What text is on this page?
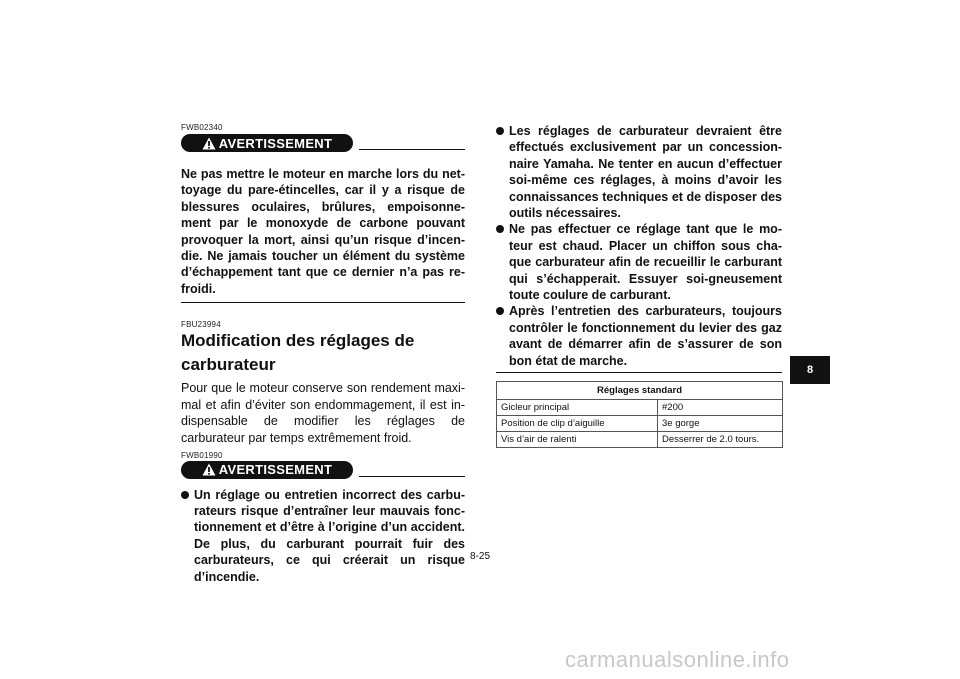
FWB02340
AVERTISSEMENT
Ne pas mettre le moteur en marche lors du net-toyage du pare-étincelles, car il y a risque de blessures oculaires, brûlures, empoisonne-ment par le monoxyde de carbone pouvant provoquer la mort, ainsi qu’un risque d’incen-die. Ne jamais toucher un élément du système d’échappement tant que ce dernier n’a pas re-froidi.
FBU23994
Modification des réglages de
carburateur
Pour que le moteur conserve son rendement maxi-mal et afin d’éviter son endommagement, il est in-dispensable de modifier les réglages de carburateur par temps extrêmement froid.
FWB01990
AVERTISSEMENT
Un réglage ou entretien incorrect des carbu-rateurs risque d’entraîner leur mauvais fonc-tionnement et d’être à l’origine d’un accident. De plus, du carburant pourrait fuir des carburateurs, ce qui créerait un risque d’incendie.
Les réglages de carburateur devraient être effectués exclusivement par un concession-naire Yamaha. Ne tenter en aucun d’effectuer soi-même ces réglages, à moins d’avoir les connaissances techniques et de disposer des outils nécessaires.
Ne pas effectuer ce réglage tant que le mo-teur est chaud. Placer un chiffon sous cha-que carburateur afin de recueillir le carburant qui s’échapperait. Essuyer soi-gneusement toute coulure de carburant.
Après l’entretien des carburateurs, toujours contrôler le fonctionnement du levier des gaz avant de démarrer afin de s’assurer de son bon état de marche.
Réglages standard	
Gicleur principal	#200
Position de clip d’aiguille	3e gorge
Vis d’air de ralenti	Desserrer de 2.0 tours.
8
8-25
carmanualsonline.info
